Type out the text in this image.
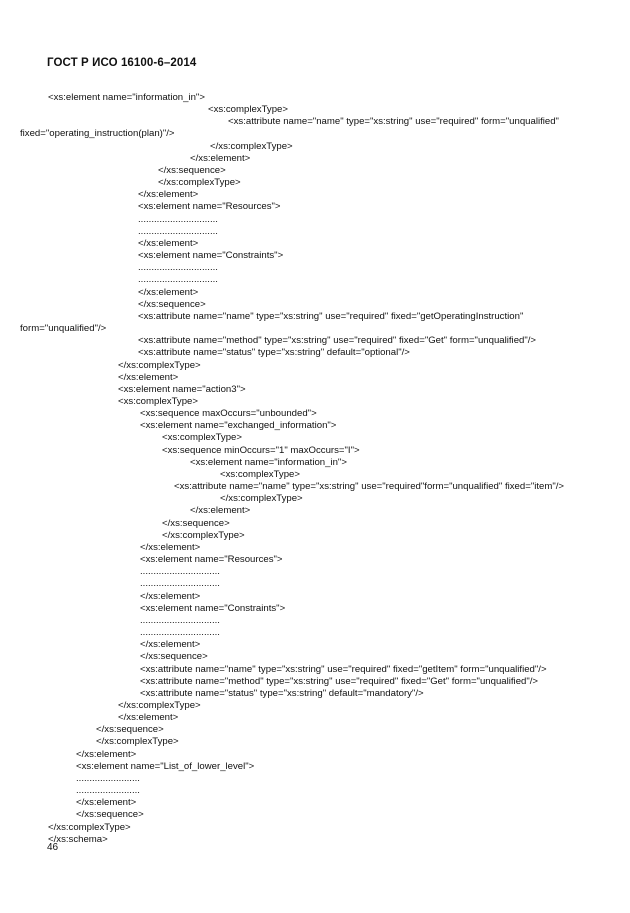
ГОСТ Р ИСО 16100-6–2014
<xs:element name="information_in">
<xs:complexType>
<xs:attribute name="name" type="xs:string" use="required" form="unqualified"
fixed="operating_instruction(plan)"/>
</xs:complexType>
</xs:element>
</xs:sequence>
</xs:complexType>
</xs:element>
<xs:element name="Resources">
..............................
..............................
</xs:element>
<xs:element name="Constraints">
..............................
..............................
</xs:element>
</xs:sequence>
<xs:attribute name="name" type="xs:string" use="required" fixed="getOperatingInstruction"
form="unqualified"/>
<xs:attribute name="method" type="xs:string" use="required" fixed="Get" form="unqualified"/>
<xs:attribute name="status" type="xs:string" default="optional"/>
</xs:complexType>
</xs:element>
<xs:element name="action3">
<xs:complexType>
<xs:sequence maxOccurs="unbounded">
<xs:element name="exchanged_information">
<xs:complexType>
<xs:sequence minOccurs="1" maxOccurs="I">
<xs:element name="information_in">
<xs:complexType>
<xs:attribute name="name" type="xs:string" use="required"form="unqualified" fixed="item"/>
</xs:complexType>
</xs:element>
</xs:sequence>
</xs:complexType>
</xs:element>
<xs:element name="Resources">
..............................
..............................
</xs:element>
<xs:element name="Constraints">
..............................
..............................
</xs:element>
</xs:sequence>
<xs:attribute name="name" type="xs:string" use="required" fixed="getItem" form="unqualified"/>
<xs:attribute name="method" type="xs:string" use="required" fixed="Get" form="unqualified"/>
<xs:attribute name="status" type="xs:string" default="mandatory"/>
</xs:complexType>
</xs:element>
</xs:sequence>
</xs:complexType>
</xs:element>
<xs:element name="List_of_lower_level">
........................
........................
</xs:element>
</xs:sequence>
</xs:complexType>
</xs:schema>
46
